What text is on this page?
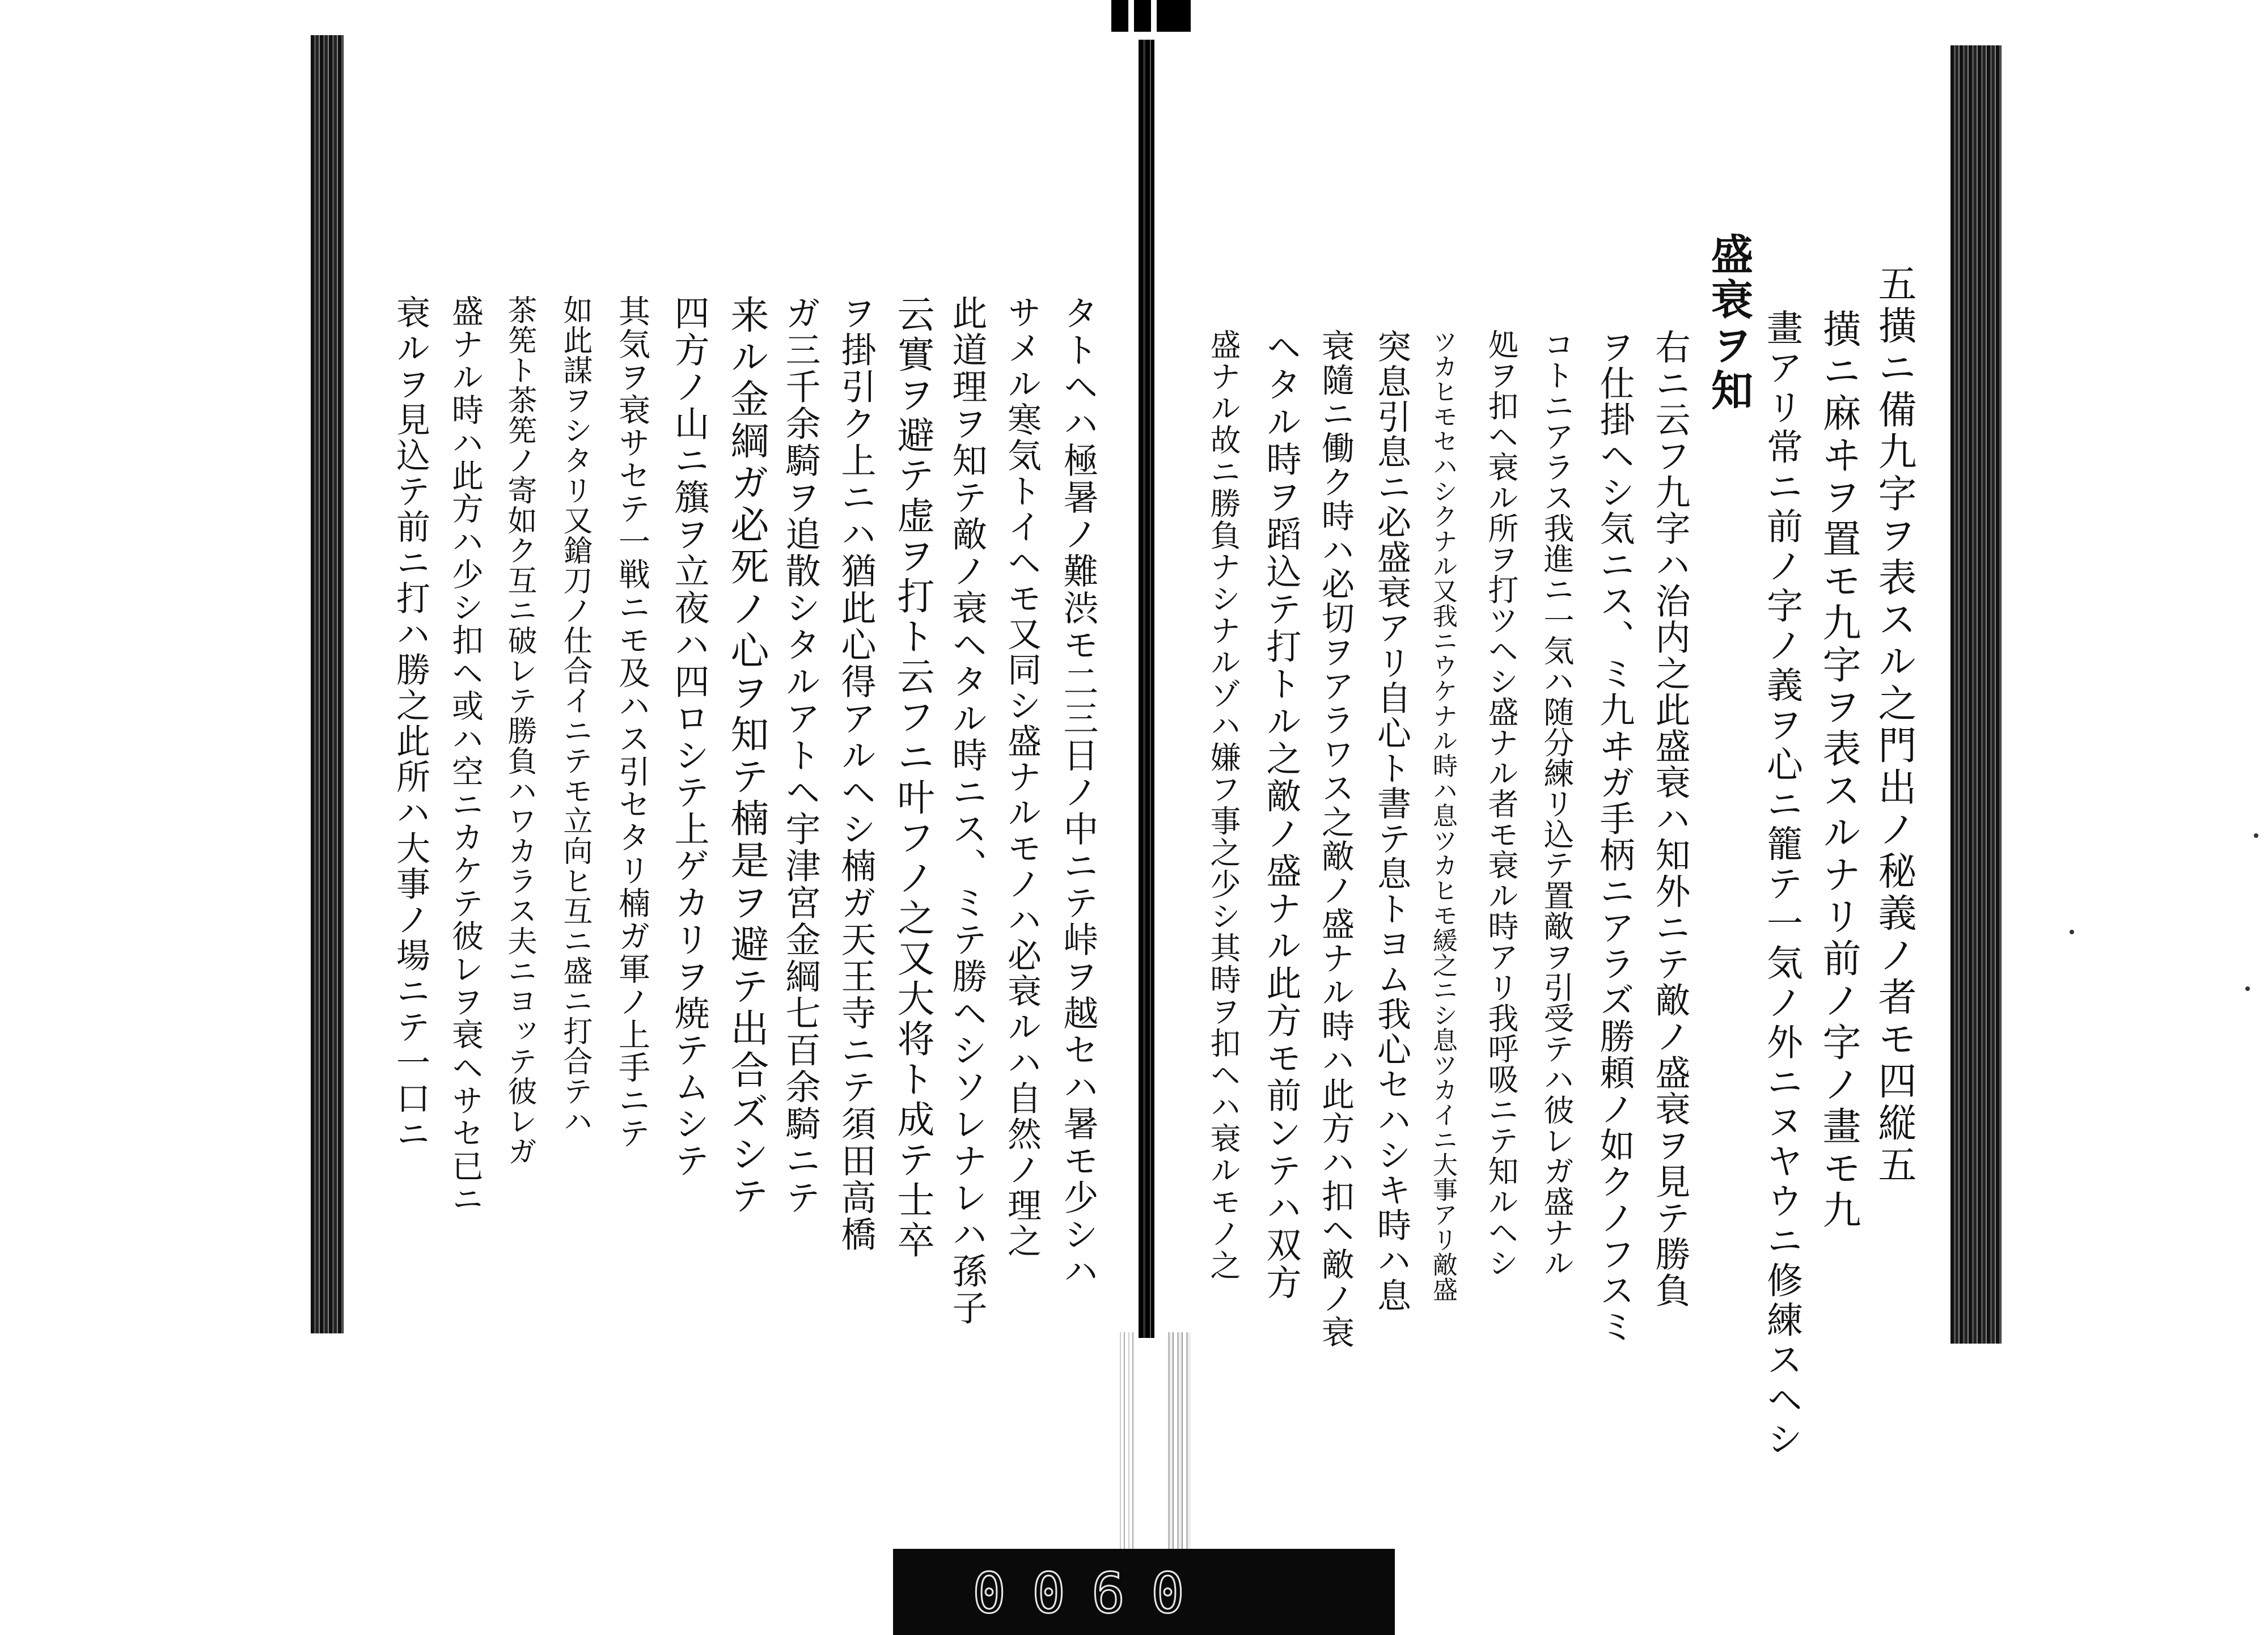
五撗ニ備九字ヲ表スル之門出ノ秘義ノ者モ四縦五
撗ニ麻ヰヲ置モ九字ヲ表スルナリ前ノ字ノ畫モ九
畫アリ常ニ前ノ字ノ義ヲ心ニ籠テ一気ノ外ニヌヤウニ修練スヘシ
盛衰ヲ知
右ニ云フ九字ハ治内之此盛衰ハ知外ニテ敵ノ盛衰ヲ見テ勝負
ヲ仕掛ヘシ気ニス、ミ九ヰガ手柄ニアラズ勝頼ノ如クノフスミ
コトニアラス我進ニ一気ハ随分練リ込テ置敵ヲ引受テハ彼レガ盛ナル
処ヲ扣ヘ衰ル所ヲ打ツヘシ盛ナル者モ衰ル時アリ我呼吸ニテ知ルヘシ
ツカヒモセハシクナル又我ニウケナル時ハ息ツカヒモ緩之ニシ息ツカイニ大事アリ敵盛
突息引息ニ必盛衰アリ自心ト書テ息トヨム我心セハシキ時ハ息
衰隨ニ働ク時ハ必切ヲアラワス之敵ノ盛ナル時ハ此方ハ扣ヘ敵ノ衰
ヘタル時ヲ蹈込テ打トル之敵ノ盛ナル此方モ前ンテハ双方
盛ナル故ニ勝負ナシナルゾハ嫌フ事之少シ其時ヲ扣ヘハ衰ルモノ之
タトヘハ極暑ノ難渋モ二三日ノ中ニテ峠ヲ越セハ暑モ少シハ
サメル寒気トイヘモ又同シ盛ナルモノハ必衰ルハ自然ノ理之
此道理ヲ知テ敵ノ衰ヘタル時ニス、ミテ勝ヘシソレナレハ孫子
云實ヲ避テ虚ヲ打ト云フニ叶フノ之又大将ト成テ士卒
ヲ掛引ク上ニハ猶此心得アルヘシ楠ガ天王寺ニテ須田高橋
ガ三千余騎ヲ追散シタルアトヘ宇津宮金綱七百余騎ニテ
来ル金綱ガ必死ノ心ヲ知テ楠是ヲ避テ出合ズシテ
四方ノ山ニ籏ヲ立夜ハ四ロシテ上ゲカリヲ焼テムシテ
其気ヲ衰サセテ一戦ニモ及ハス引セタリ楠ガ軍ノ上手ニテ
如此謀ヲシタリ又鎗刀ノ仕合イニテモ立向ヒ互ニ盛ニ打合テハ
茶筅ト茶筅ノ寄如ク互ニ破レテ勝負ハワカラス夫ニヨッテ彼レガ
盛ナル時ハ此方ハ少シ扣ヘ或ハ空ニカケテ彼レヲ衰ヘサセ已ニ
衰ルヲ見込テ前ニ打ハ勝之此所ハ大事ノ場ニテ一口ニ
0060
